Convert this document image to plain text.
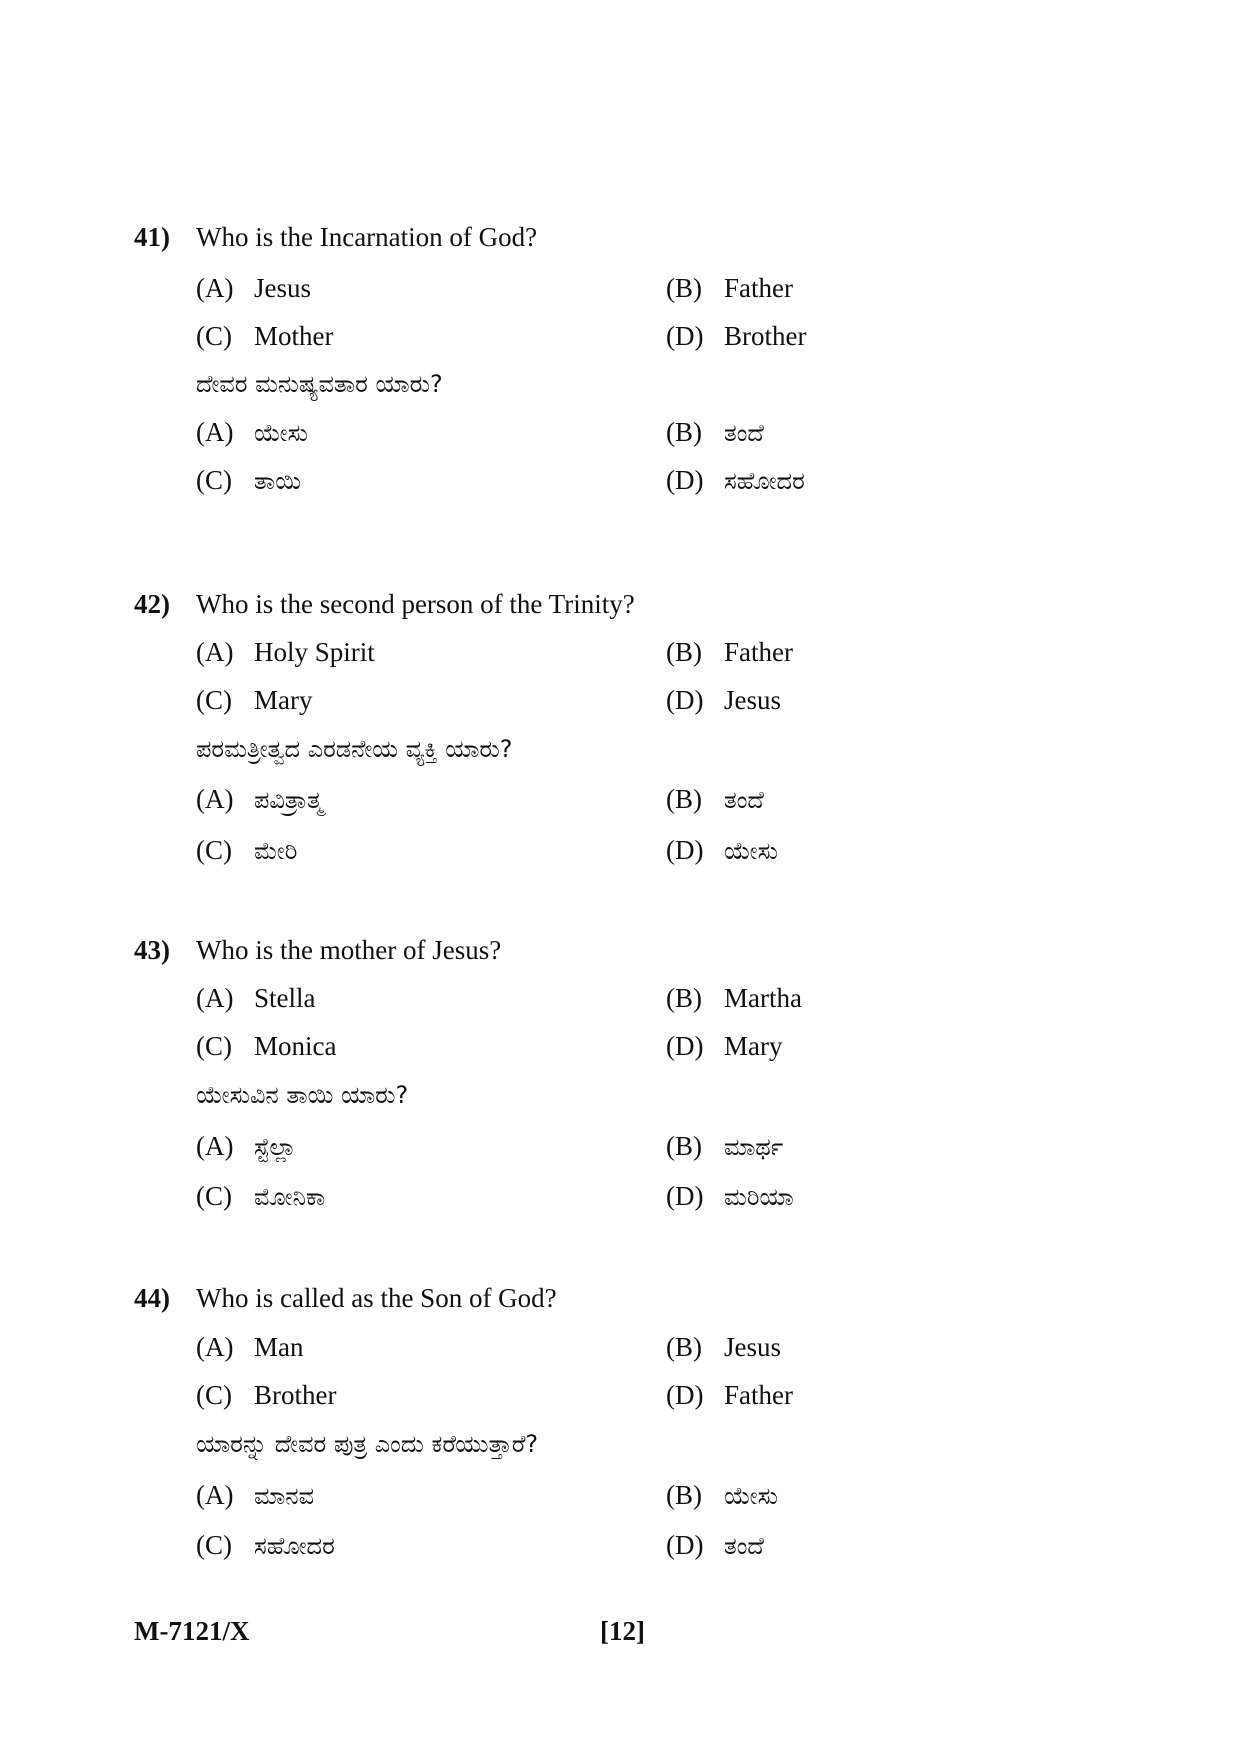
41) Who is the Incarnation of God?
(A) Jesus	(B) Father
(C) Mother	(D) Brother
ದೇವರ ಮನುಷ್ಯವತಾರ ಯಾರು?
(A) ಯೇಸು	(B) ತಂದೆ
(C) ತಾಯಿ	(D) ಸಹೋದರ
42) Who is the second person of the Trinity?
(A) Holy Spirit	(B) Father
(C) Mary	(D) Jesus
ಪರಮತ್ರೀತ್ವದ ಎರಡನೇಯ ವ್ಯಕ್ತಿ ಯಾರು?
(A) ಪವಿತ್ರಾತ್ಮ	(B) ತಂದೆ
(C) ಮೇರಿ	(D) ಯೇಸು
43) Who is the mother of Jesus?
(A) Stella	(B) Martha
(C) Monica	(D) Mary
ಯೇಸುವಿನ ತಾಯಿ ಯಾರು?
(A) ಸ್ಟೆಲ್ಲಾ	(B) ಮಾರ್ಥ
(C) ಮೋನಿಕಾ	(D) ಮರಿಯಾ
44) Who is called as the Son of God?
(A) Man	(B) Jesus
(C) Brother	(D) Father
ಯಾರನ್ನು ದೇವರ ಪುತ್ರ ಎಂದು ಕರೆಯುತ್ತಾರೆ?
(A) ಮಾನವ	(B) ಯೇಸು
(C) ಸಹೋದರ	(D) ತಂದೆ
M-7121/X	[12]
